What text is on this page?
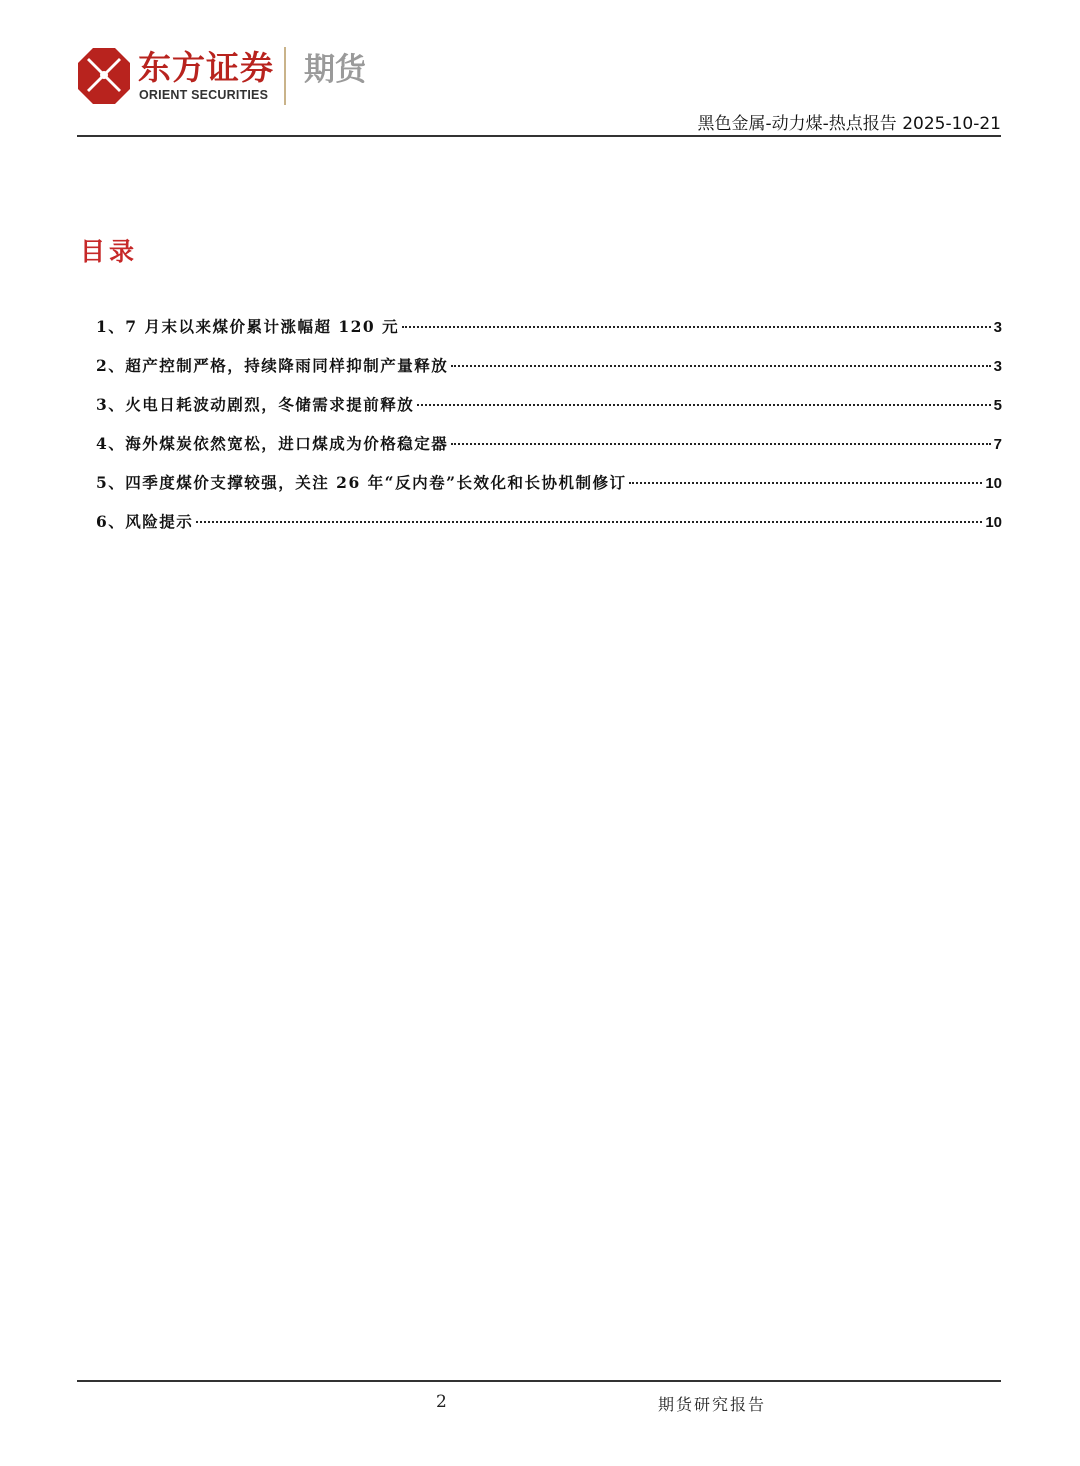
东方证券
ORIENT SECURITIES
期货
黑色金属-动力煤-热点报告 2025-10-21
目录
1、7 月末以来煤价累计涨幅超 120 元	3
2、超产控制严格，持续降雨同样抑制产量释放	3
3、火电日耗波动剧烈，冬储需求提前释放	5
4、海外煤炭依然宽松，进口煤成为价格稳定器	7
5、四季度煤价支撑较强，关注 26 年“反内卷”长效化和长协机制修订	10
6、风险提示	10
2	期货研究报告
